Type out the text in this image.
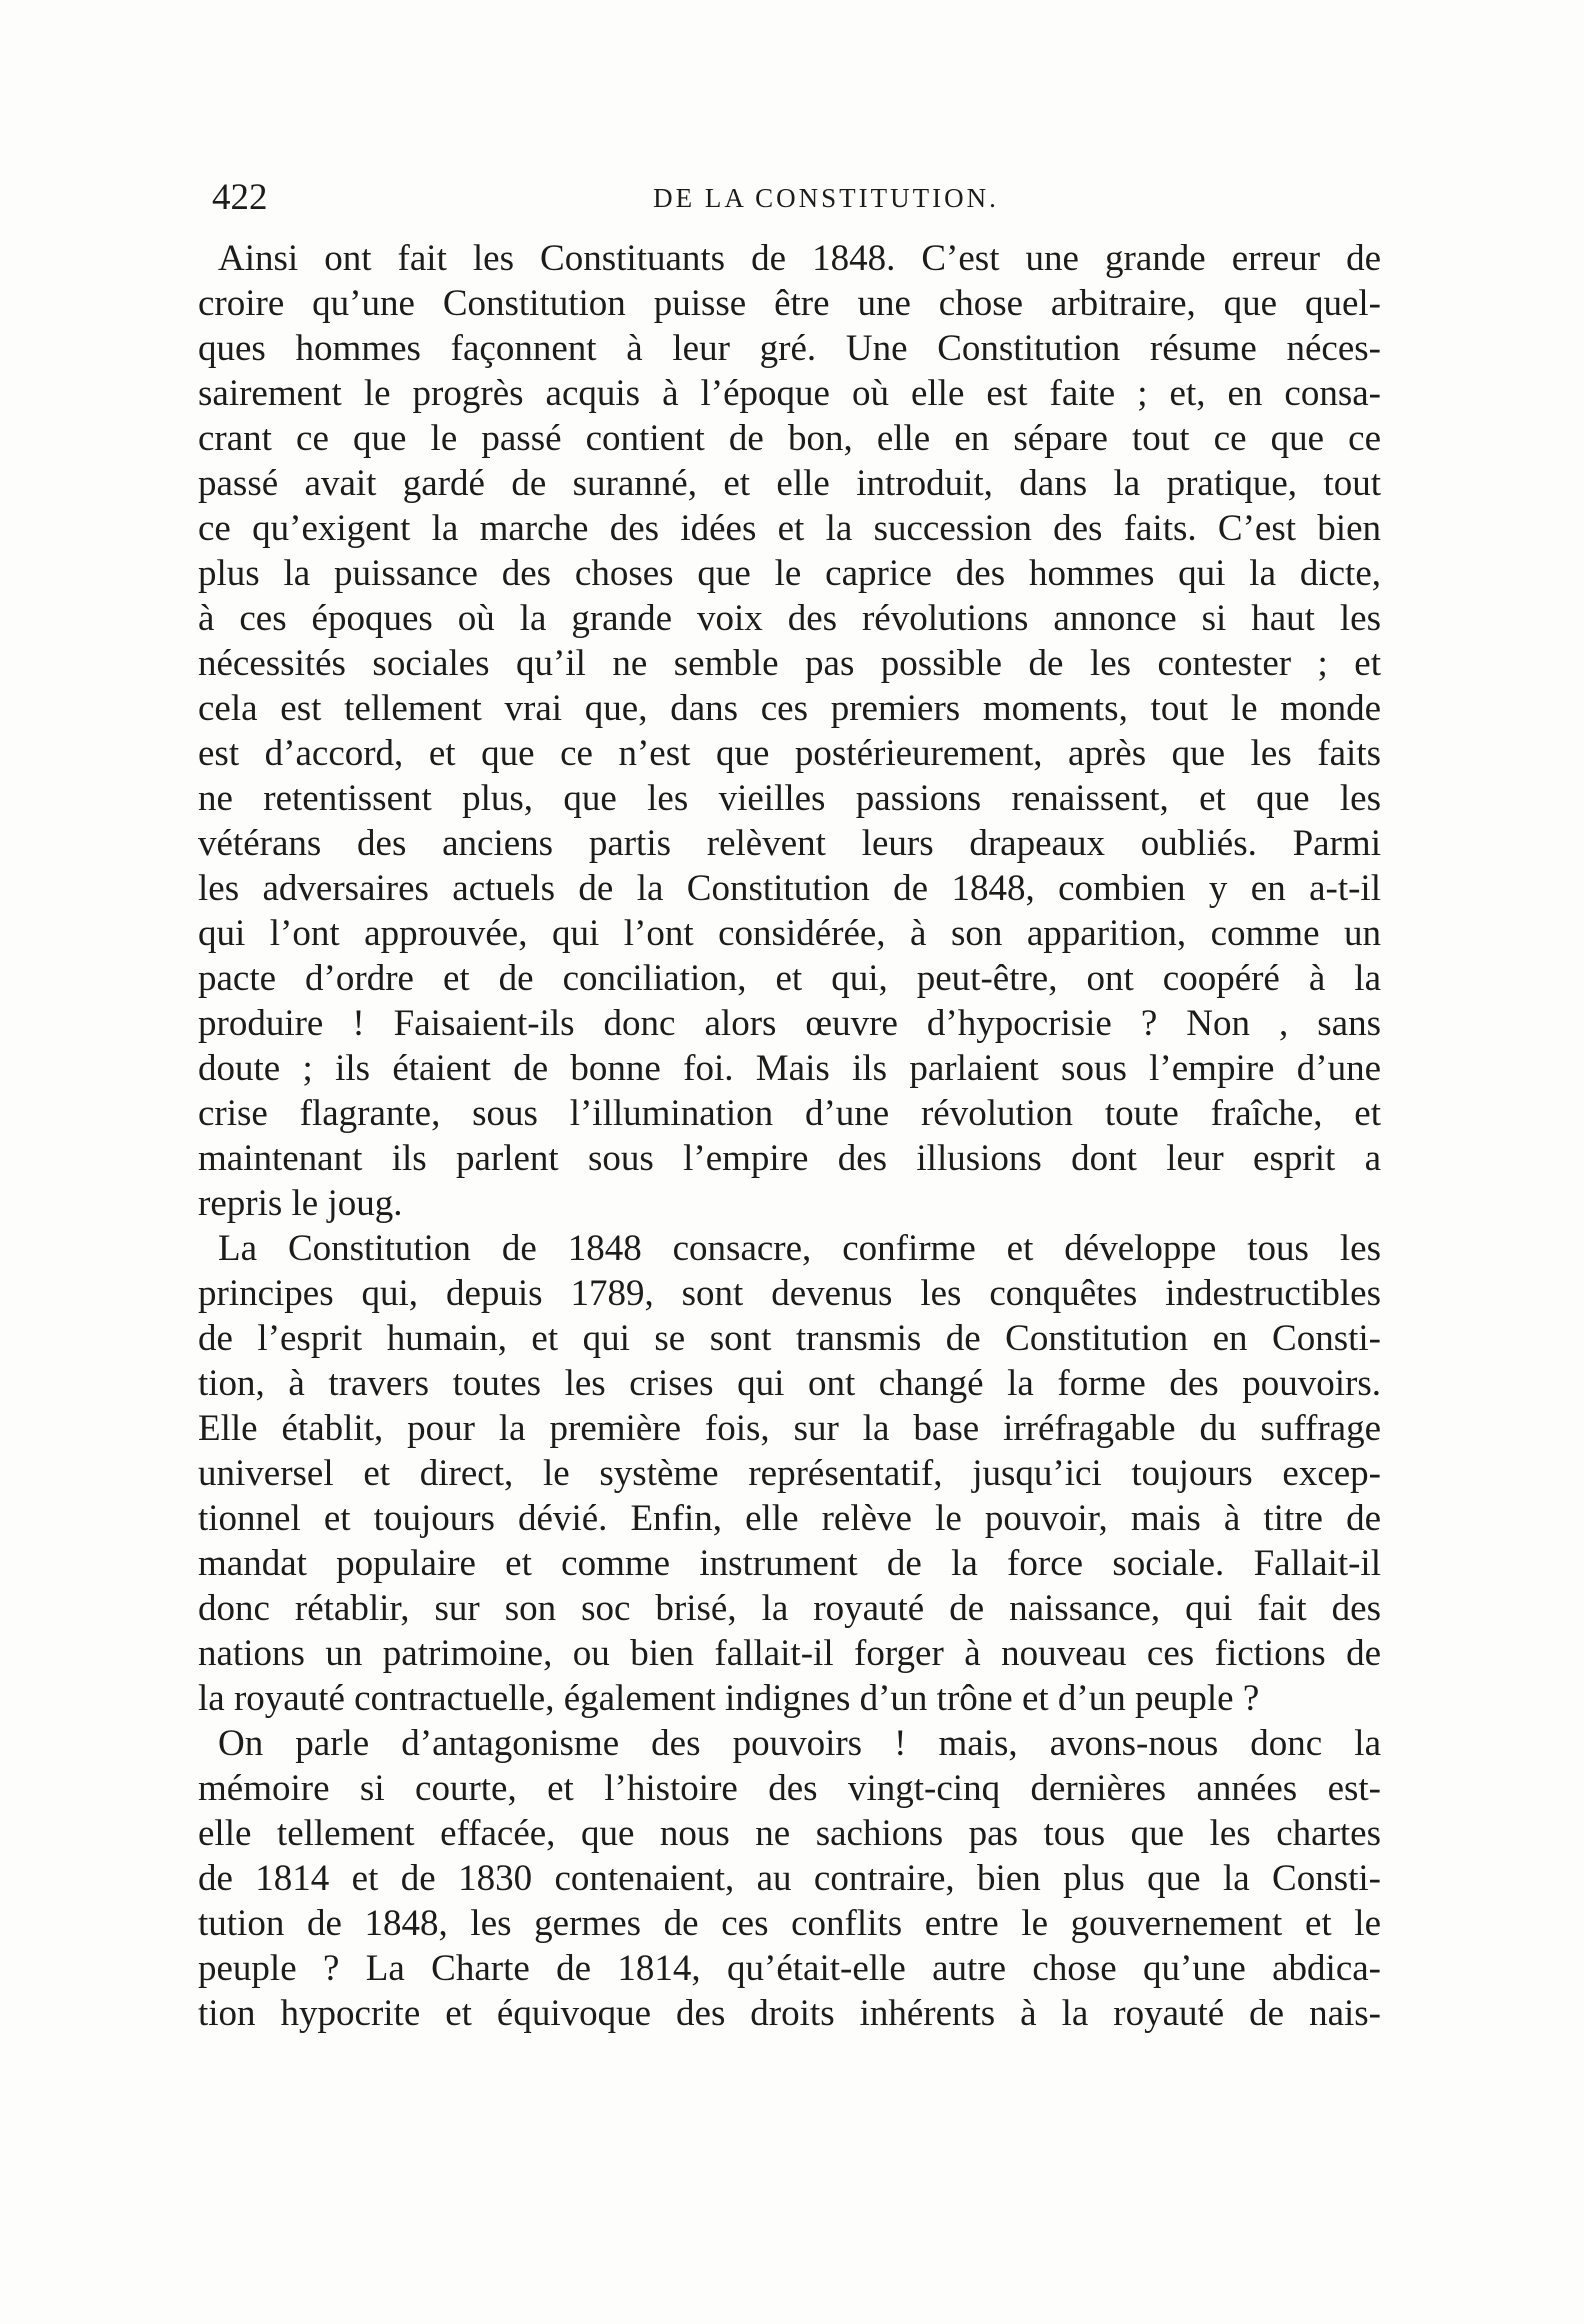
422	DE LA CONSTITUTION.
Ainsi ont fait les Constituants de 1848. C’est une grande erreur de
croire qu’une Constitution puisse être une chose arbitraire, que quel-
ques hommes façonnent à leur gré. Une Constitution résume néces-
sairement le progrès acquis à l’époque où elle est faite ; et, en consa-
crant ce que le passé contient de bon, elle en sépare tout ce que ce
passé avait gardé de suranné, et elle introduit, dans la pratique, tout
ce qu’exigent la marche des idées et la succession des faits. C’est bien
plus la puissance des choses que le caprice des hommes qui la dicte,
à ces époques où la grande voix des révolutions annonce si haut les
nécessités sociales qu’il ne semble pas possible de les contester ; et
cela est tellement vrai que, dans ces premiers moments, tout le monde
est d’accord, et que ce n’est que postérieurement, après que les faits
ne retentissent plus, que les vieilles passions renaissent, et que les
vétérans des anciens partis relèvent leurs drapeaux oubliés. Parmi
les adversaires actuels de la Constitution de 1848, combien y en a-t-il
qui l’ont approuvée, qui l’ont considérée, à son apparition, comme un
pacte d’ordre et de conciliation, et qui, peut-être, ont coopéré à la
produire ! Faisaient-ils donc alors œuvre d’hypocrisie ? Non , sans
doute ; ils étaient de bonne foi. Mais ils parlaient sous l’empire d’une
crise flagrante, sous l’illumination d’une révolution toute fraîche, et
maintenant ils parlent sous l’empire des illusions dont leur esprit a
repris le joug.
La Constitution de 1848 consacre, confirme et développe tous les
principes qui, depuis 1789, sont devenus les conquêtes indestructibles
de l’esprit humain, et qui se sont transmis de Constitution en Consti-
tion, à travers toutes les crises qui ont changé la forme des pouvoirs.
Elle établit, pour la première fois, sur la base irréfragable du suffrage
universel et direct, le système représentatif, jusqu’ici toujours excep-
tionnel et toujours dévié. Enfin, elle relève le pouvoir, mais à titre de
mandat populaire et comme instrument de la force sociale. Fallait-il
donc rétablir, sur son soc brisé, la royauté de naissance, qui fait des
nations un patrimoine, ou bien fallait-il forger à nouveau ces fictions de
la royauté contractuelle, également indignes d’un trône et d’un peuple ?
On parle d’antagonisme des pouvoirs ! mais, avons-nous donc la
mémoire si courte, et l’histoire des vingt-cinq dernières années est-
elle tellement effacée, que nous ne sachions pas tous que les chartes
de 1814 et de 1830 contenaient, au contraire, bien plus que la Consti-
tution de 1848, les germes de ces conflits entre le gouvernement et le
peuple ? La Charte de 1814, qu’était-elle autre chose qu’une abdica-
tion hypocrite et équivoque des droits inhérents à la royauté de nais-
